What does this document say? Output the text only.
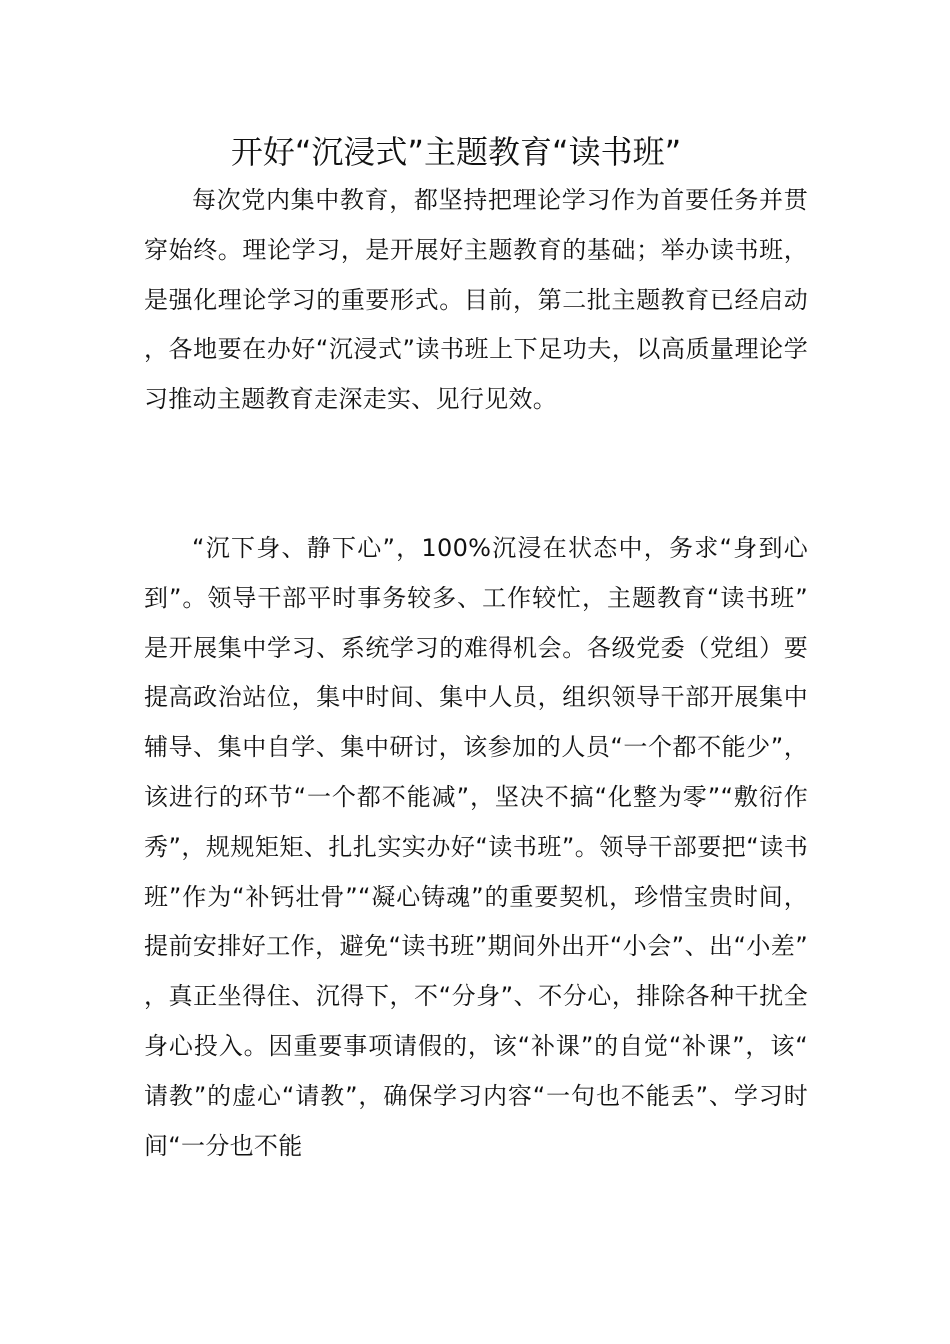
开好“沉浸式”主题教育“读书班”

每次党内集中教育，都坚持把理论学习作为首要任务并贯穿始终。理论学习，是开展好主题教育的基础；举办读书班，是强化理论学习的重要形式。目前，第二批主题教育已经启动，各地要在办好“沉浸式”读书班上下足功夫，以高质量理论学习推动主题教育走深走实、见行见效。

“沉下身、静下心”，100%沉浸在状态中，务求“身到心到”。领导干部平时事务较多、工作较忙，主题教育“读书班”是开展集中学习、系统学习的难得机会。各级党委（党组）要提高政治站位，集中时间、集中人员，组织领导干部开展集中辅导、集中自学、集中研讨，该参加的人员“一个都不能少”，该进行的环节“一个都不能减”，坚决不搞“化整为零”“敷衍作秀”，规规矩矩、扎扎实实办好“读书班”。领导干部要把“读书班”作为“补钙壮骨”“凝心铸魂”的重要契机，珍惜宝贵时间，提前安排好工作，避免“读书班”期间外出开“小会”、出“小差”，真正坐得住、沉得下，不“分身”、不分心，排除各种干扰全身心投入。因重要事项请假的，该“补课”的自觉“补课”，该“请教”的虚心“请教”，确保学习内容“一句也不能丢”、学习时间“一分也不能
